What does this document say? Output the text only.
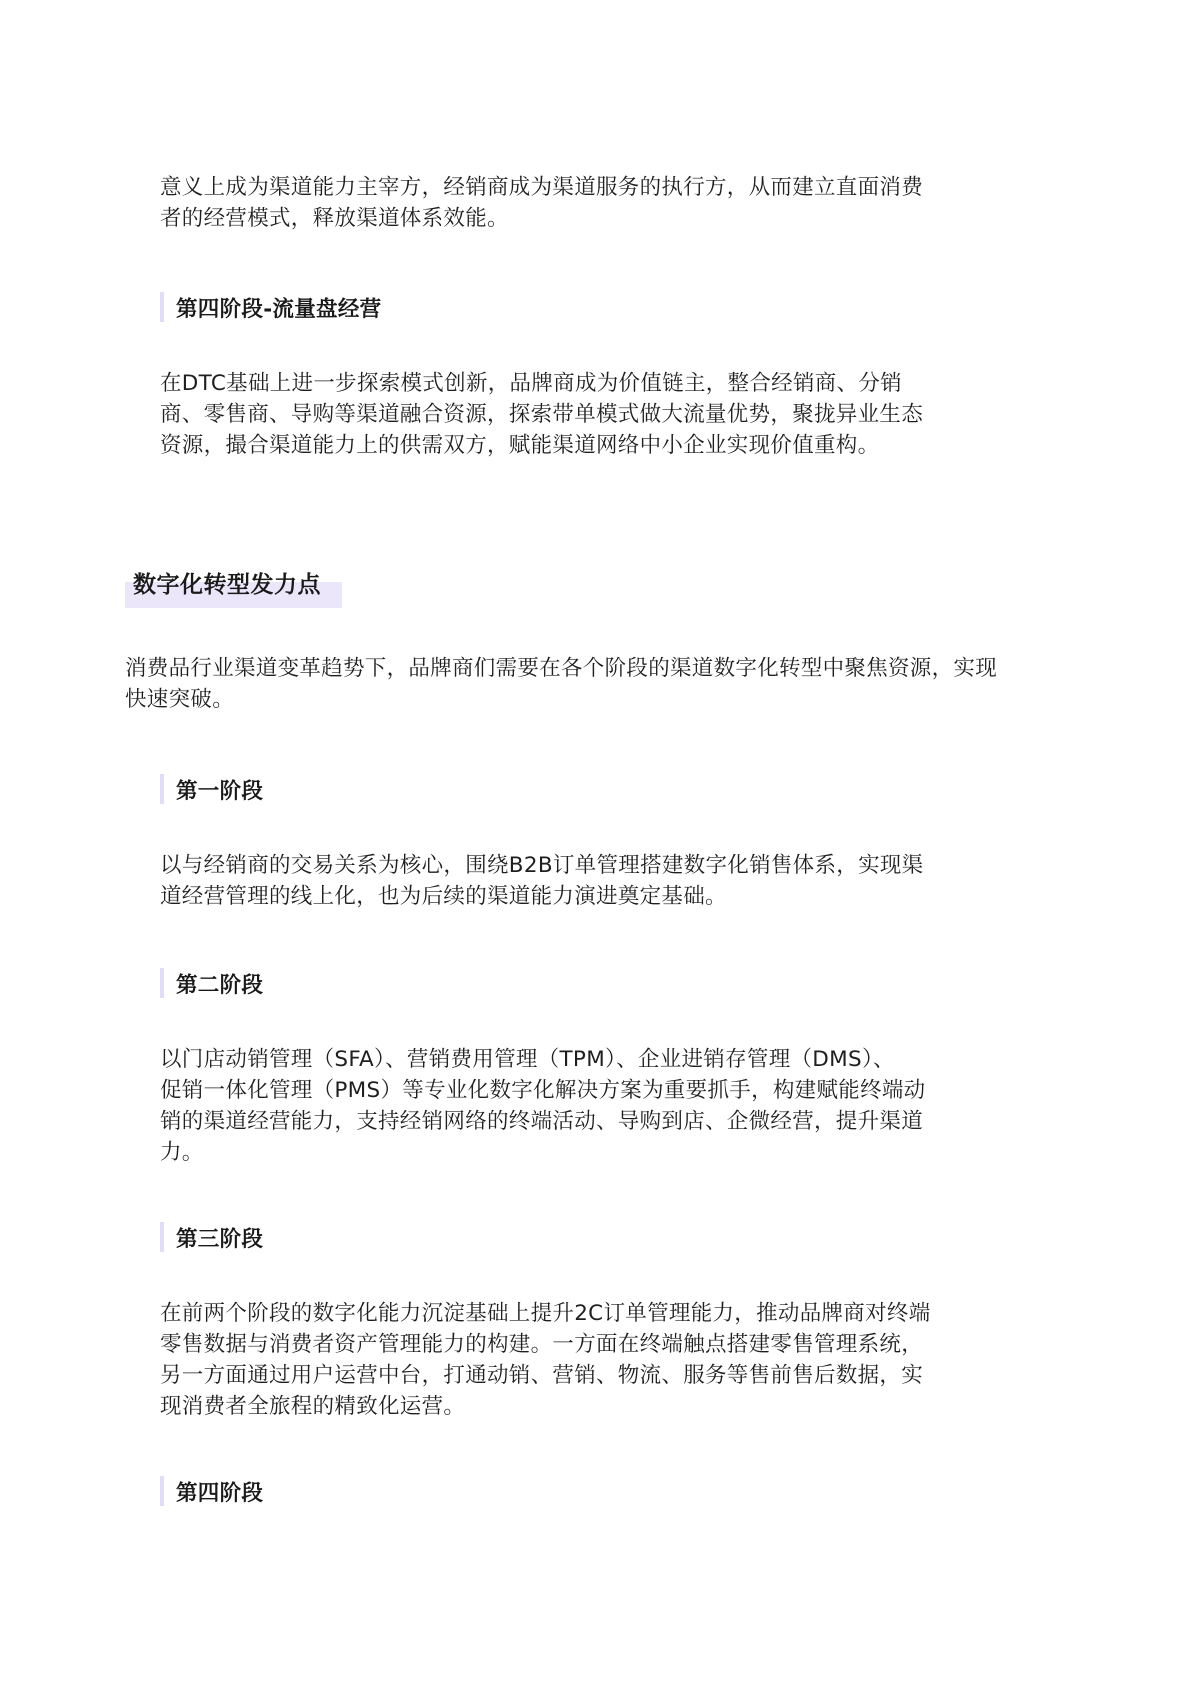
意义上成为渠道能力主宰方，经销商成为渠道服务的执行方，从而建立直面消费
者的经营模式，释放渠道体系效能。
第四阶段-流量盘经营
在DTC基础上进一步探索模式创新，品牌商成为价值链主，整合经销商、分销
商、零售商、导购等渠道融合资源，探索带单模式做大流量优势，聚拢异业生态
资源，撮合渠道能力上的供需双方，赋能渠道网络中小企业实现价值重构。
数字化转型发力点
消费品行业渠道变革趋势下，品牌商们需要在各个阶段的渠道数字化转型中聚焦资源，实现
快速突破。
第一阶段
以与经销商的交易关系为核心，围绕B2B订单管理搭建数字化销售体系，实现渠
道经营管理的线上化，也为后续的渠道能力演进奠定基础。
第二阶段
以门店动销管理（SFA）、营销费用管理（TPM）、企业进销存管理（DMS）、
促销一体化管理（PMS）等专业化数字化解决方案为重要抓手，构建赋能终端动
销的渠道经营能力，支持经销网络的终端活动、导购到店、企微经营，提升渠道
力。
第三阶段
在前两个阶段的数字化能力沉淀基础上提升2C订单管理能力，推动品牌商对终端
零售数据与消费者资产管理能力的构建。一方面在终端触点搭建零售管理系统，
另一方面通过用户运营中台，打通动销、营销、物流、服务等售前售后数据，实
现消费者全旅程的精致化运营。
第四阶段
